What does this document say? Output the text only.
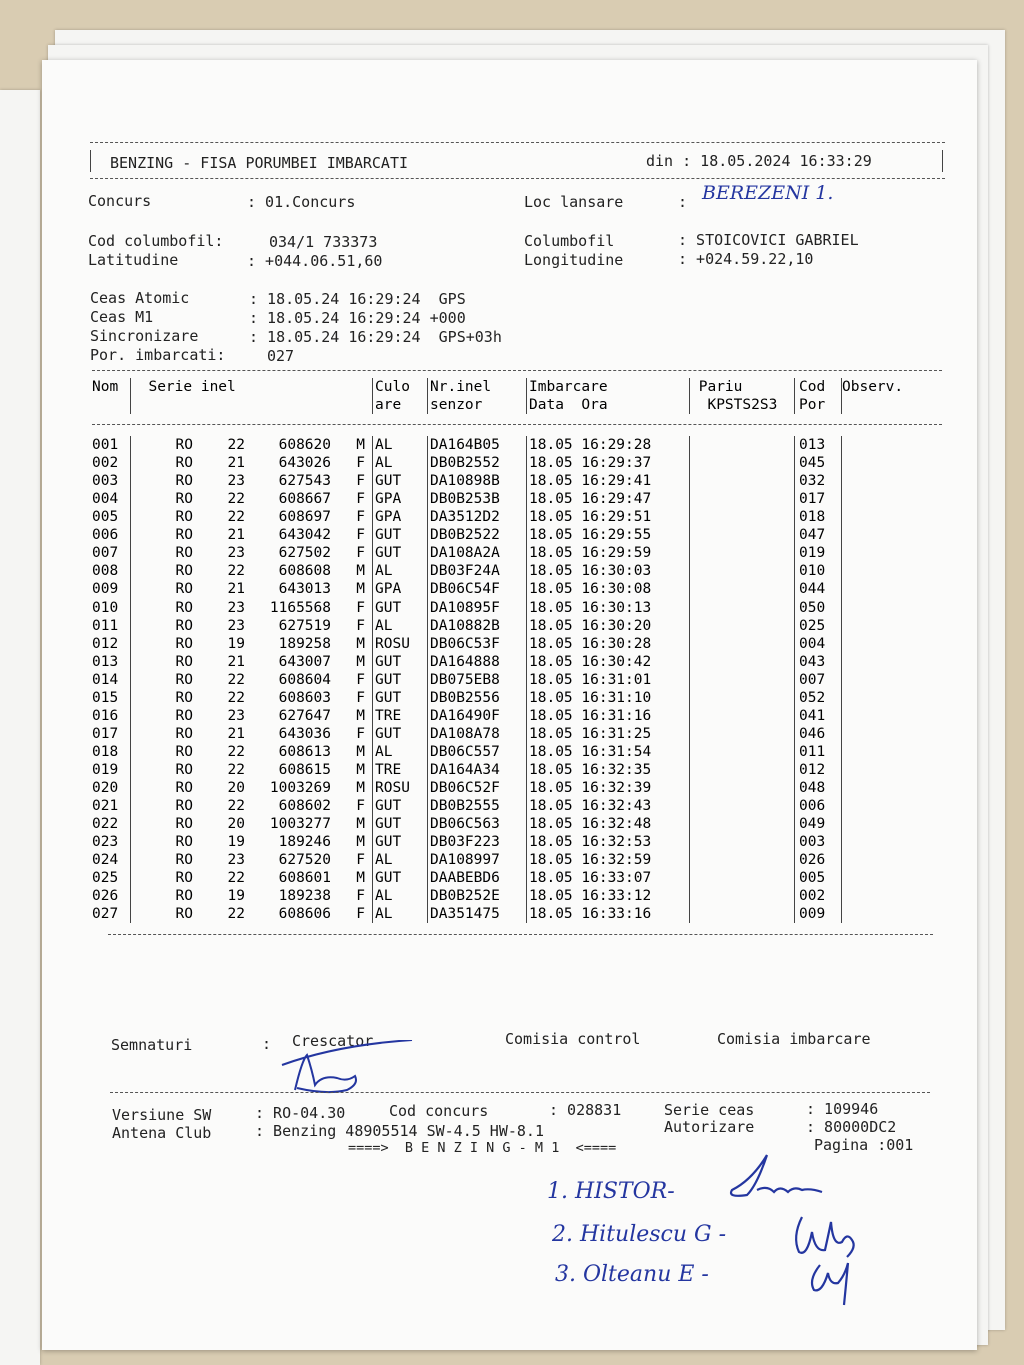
BENZING - FISA PORUMBEI IMBARCATI

	din : 18.05.2024 16:33:29

Concurs

	: 01.Concurs

	Loc lansare

	:

BEREZENI 1.

Cod columbofil:

	034/1 733373

	Columbofil

	: STOICOVICI GABRIEL

Latitudine

	: +044.06.51,60

	Longitudine

	: +024.59.22,10

Ceas Atomic

	: 18.05.24 16:29:24  GPS

Ceas M1

	: 18.05.24 16:29:24 +000

Sincronizare

	: 18.05.24 16:29:24  GPS+03h

Por. imbarcati:

	027

Nom	Serie inel	Culo	Nr.inel	Imbarcare	Pariu	Cod	Observ.
		are	senzor	Data  Ora	KPSTS2S3	Por	

001	RO 22 608620 M	AL	DA164B05	18.05 16:29:28		013	
002	RO 21 643026 F	AL	DB0B2552	18.05 16:29:37		045	
003	RO 23 627543 F	GUT	DA10898B	18.05 16:29:41		032	
004	RO 22 608667 F	GPA	DB0B253B	18.05 16:29:47		017	
005	RO 22 608697 F	GPA	DA3512D2	18.05 16:29:51		018	
006	RO 21 643042 F	GUT	DB0B2522	18.05 16:29:55		047	
007	RO 23 627502 F	GUT	DA108A2A	18.05 16:29:59		019	
008	RO 22 608608 M	AL	DB03F24A	18.05 16:30:03		010	
009	RO 21 643013 M	GPA	DB06C54F	18.05 16:30:08		044	
010	RO 23 1165568 F	GUT	DA10895F	18.05 16:30:13		050	
011	RO 23 627519 F	AL	DA10882B	18.05 16:30:20		025	
012	RO 19 189258 M	ROSU	DB06C53F	18.05 16:30:28		004	
013	RO 21 643007 M	GUT	DA164888	18.05 16:30:42		043	
014	RO 22 608604 F	GUT	DB075EB8	18.05 16:31:01		007	
015	RO 22 608603 F	GUT	DB0B2556	18.05 16:31:10		052	
016	RO 23 627647 M	TRE	DA16490F	18.05 16:31:16		041	
017	RO 21 643036 F	GUT	DA108A78	18.05 16:31:25		046	
018	RO 22 608613 M	AL	DB06C557	18.05 16:31:54		011	
019	RO 22 608615 M	TRE	DA164A34	18.05 16:32:35		012	
020	RO 20 1003269 M	ROSU	DB06C52F	18.05 16:32:39		048	
021	RO 22 608602 F	GUT	DB0B2555	18.05 16:32:43		006	
022	RO 20 1003277 M	GUT	DB06C563	18.05 16:32:48		049	
023	RO 19 189246 M	GUT	DB03F223	18.05 16:32:53		003	
024	RO 23 627520 F	AL	DA108997	18.05 16:32:59		026	
025	RO 22 608601 M	GUT	DAABEBD6	18.05 16:33:07		005	
026	RO 19 189238 F	AL	DB0B252E	18.05 16:33:12		002	
027	RO 22 608606 F	AL	DA351475	18.05 16:33:16		009	

Semnaturi

	:

Crescator

	Comisia control

	Comisia imbarcare

Versiune SW

	: RO-04.30

	Cod concurs

	: 028831

	Serie ceas

	: 109946

Antena Club

	: Benzing 48905514 SW-4.5 HW-8.1

	Autorizare

	: 80000DC2

====>  B E N Z I N G - M 1  <====

	Pagina :001

1. HISTOR-

2. Hitulescu G -

3. Olteanu E -
